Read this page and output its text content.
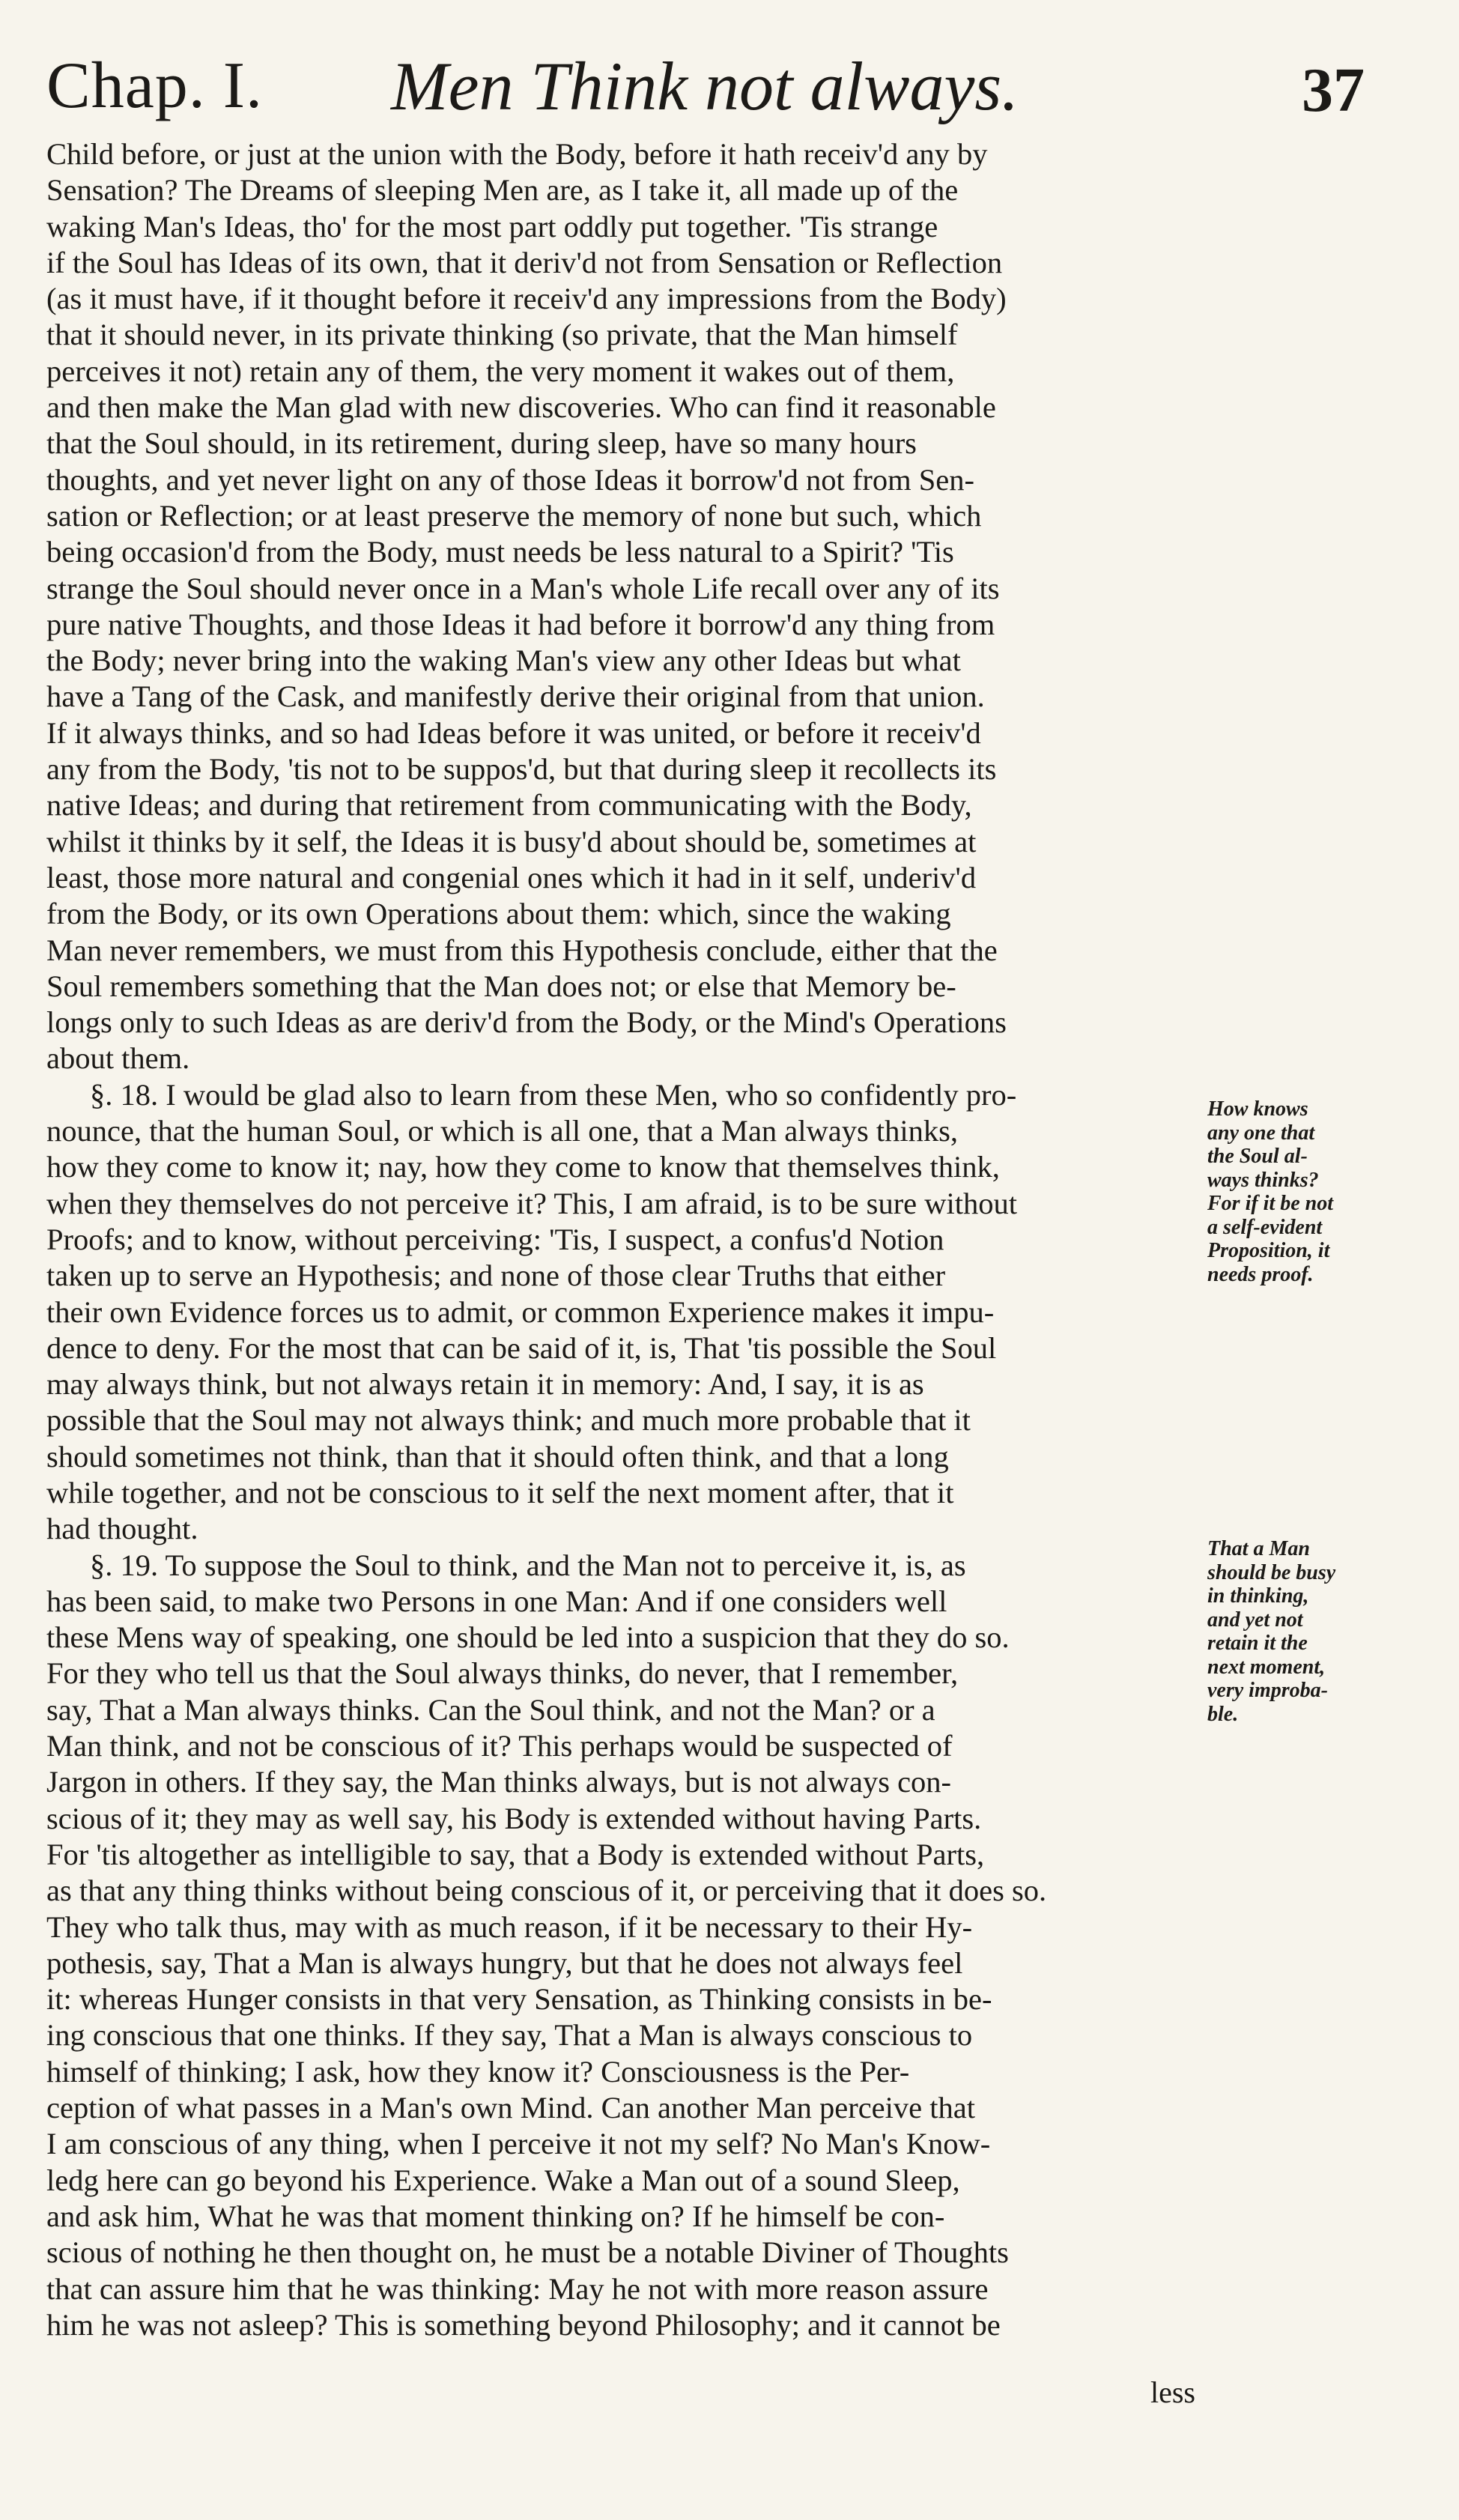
Chap. I. Men Think not always.	37

Child before, or just at the union with the Body, before it hath receiv'd any by
Sensation? The Dreams of sleeping Men are, as I take it, all made up of the
waking Man's Ideas, tho' for the most part oddly put together. 'Tis strange
if the Soul has Ideas of its own, that it deriv'd not from Sensation or Reflection
(as it must have, if it thought before it receiv'd any impressions from the Body)
that it should never, in its private thinking (so private, that the Man himself
perceives it not) retain any of them, the very moment it wakes out of them,
and then make the Man glad with new discoveries. Who can find it reasonable
that the Soul should, in its retirement, during sleep, have so many hours
thoughts, and yet never light on any of those Ideas it borrow'd not from Sen-
sation or Reflection; or at least preserve the memory of none but such, which
being occasion'd from the Body, must needs be less natural to a Spirit? 'Tis
strange the Soul should never once in a Man's whole Life recall over any of its
pure native Thoughts, and those Ideas it had before it borrow'd any thing from
the Body; never bring into the waking Man's view any other Ideas but what
have a Tang of the Cask, and manifestly derive their original from that union.
If it always thinks, and so had Ideas before it was united, or before it receiv'd
any from the Body, 'tis not to be suppos'd, but that during sleep it recollects its
native Ideas; and during that retirement from communicating with the Body,
whilst it thinks by it self, the Ideas it is busy'd about should be, sometimes at
least, those more natural and congenial ones which it had in it self, underiv'd
from the Body, or its own Operations about them: which, since the waking
Man never remembers, we must from this Hypothesis conclude, either that the
Soul remembers something that the Man does not; or else that Memory be-
longs only to such Ideas as are deriv'd from the Body, or the Mind's Operations
about them.

§. 18. I would be glad also to learn from these Men, who so confidently pro-
nounce, that the human Soul, or which is all one, that a Man always thinks,
how they come to know it; nay, how they come to know that themselves think,
when they themselves do not perceive it? This, I am afraid, is to be sure without
Proofs; and to know, without perceiving: 'Tis, I suspect, a confus'd Notion
taken up to serve an Hypothesis; and none of those clear Truths that either
their own Evidence forces us to admit, or common Experience makes it impu-
dence to deny. For the most that can be said of it, is, That 'tis possible the Soul
may always think, but not always retain it in memory: And, I say, it is as
possible that the Soul may not always think; and much more probable that it
should sometimes not think, than that it should often think, and that a long
while together, and not be conscious to it self the next moment after, that it
had thought.

§. 19. To suppose the Soul to think, and the Man not to perceive it, is, as
has been said, to make two Persons in one Man: And if one considers well
these Mens way of speaking, one should be led into a suspicion that they do so.
For they who tell us that the Soul always thinks, do never, that I remember,
say, That a Man always thinks. Can the Soul think, and not the Man? or a
Man think, and not be conscious of it? This perhaps would be suspected of
Jargon in others. If they say, the Man thinks always, but is not always con-
scious of it; they may as well say, his Body is extended without having Parts.
For 'tis altogether as intelligible to say, that a Body is extended without Parts,
as that any thing thinks without being conscious of it, or perceiving that it does so.
They who talk thus, may with as much reason, if it be necessary to their Hy-
pothesis, say, That a Man is always hungry, but that he does not always feel
it: whereas Hunger consists in that very Sensation, as Thinking consists in be-
ing conscious that one thinks. If they say, That a Man is always conscious to
himself of thinking; I ask, how they know it? Consciousness is the Per-
ception of what passes in a Man's own Mind. Can another Man perceive that
I am conscious of any thing, when I perceive it not my self? No Man's Know-
ledg here can go beyond his Experience. Wake a Man out of a sound Sleep,
and ask him, What he was that moment thinking on? If he himself be con-
scious of nothing he then thought on, he must be a notable Diviner of Thoughts
that can assure him that he was thinking: May he not with more reason assure
him he was not asleep? This is something beyond Philosophy; and it cannot be

How knows
any one that
the Soul al-
ways thinks?
For if it be not
a self-evident
Proposition, it
needs proof.
That a Man
should be busy
in thinking,
and yet not
retain it the
next moment,
very improba-
ble.
less
